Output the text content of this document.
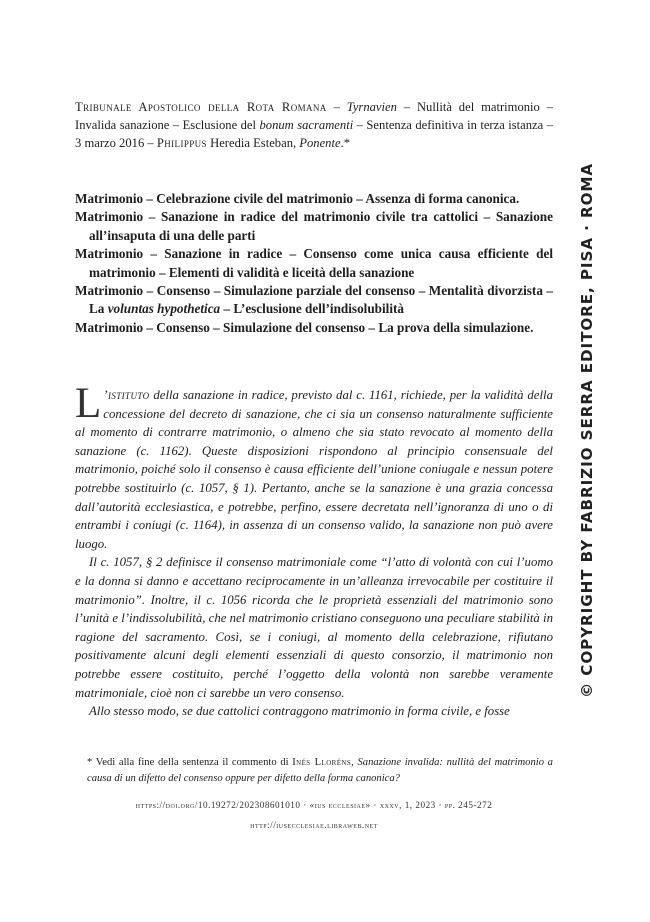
Tribunale Apostolico della Rota Romana – Tyrnavien – Nullità del matrimonio – Invalida sanazione – Esclusione del bonum sacramenti – Sentenza definitiva in terza istanza – 3 marzo 2016 – Philippus Heredia Esteban, Ponente.*
Matrimonio – Celebrazione civile del matrimonio – Assenza di forma canonica.
Matrimonio – Sanazione in radice del matrimonio civile tra cattolici – Sanazione all’insaputa di una delle parti
Matrimonio – Sanazione in radice – Consenso come unica causa efficiente del matrimonio – Elementi di validità e liceità della sanazione
Matrimonio – Consenso – Simulazione parziale del consenso – Mentalità divorzista – La voluntas hypothetica – L’esclusione dell’indisolubilità
Matrimonio – Consenso – Simulazione del consenso – La prova della simulazione.

L ’istituto della sanazione in radice, previsto dal c. 1161, richiede, per la validità della concessione del decreto di sanazione, che ci sia un consenso naturalmente sufficiente al momento di contrarre matrimonio, o almeno che sia stato revocato al momento della sanazione (c. 1162). Queste disposizioni rispondono al principio consensuale del matrimonio, poiché solo il consenso è causa efficiente dell’unione coniugale e nessun potere potrebbe sostituirlo (c. 1057, § 1). Pertanto, anche se la sanazione è una grazia concessa dall’autorità ecclesiastica, e potrebbe, perfino, essere decretata nell’ignoranza di uno o di entrambi i coniugi (c. 1164), in assenza di un consenso valido, la sanazione non può avere luogo.

Il c. 1057, § 2 definisce il consenso matrimoniale come “l’atto di volontà con cui l’uomo e la donna si danno e accettano reciprocamente in un’alleanza irrevocabile per costituire il matrimonio”. Inoltre, il c. 1056 ricorda che le proprietà essenziali del matrimonio sono l’unità e l’indissolubilità, che nel matrimonio cristiano conseguono una peculiare stabilità in ragione del sacramento. Così, se i coniugi, al momento della celebrazione, rifiutano positivamente alcuni degli elementi essenziali di questo consorzio, il matrimonio non potrebbe essere costituito, perché l’oggetto della volontà non sarebbe veramente matrimoniale, cioè non ci sarebbe un vero consenso.

Allo stesso modo, se due cattolici contraggono matrimonio in forma civile, e fosse

* Vedi alla fine della sentenza il commento di Inés Lloréns, Sanazione invalida: nullità del matrimonio a causa di un difetto del consenso oppure per difetto della forma canonica?
https://doi.org/10.19272/202308601010 · «ius ecclesiae» · xxxv, 1, 2023 · pp. 245-272
http://iusecclesiae.libraweb.net
© COPYRIGHT BY FABRIZIO SERRA EDITORE, PISA · ROMA
